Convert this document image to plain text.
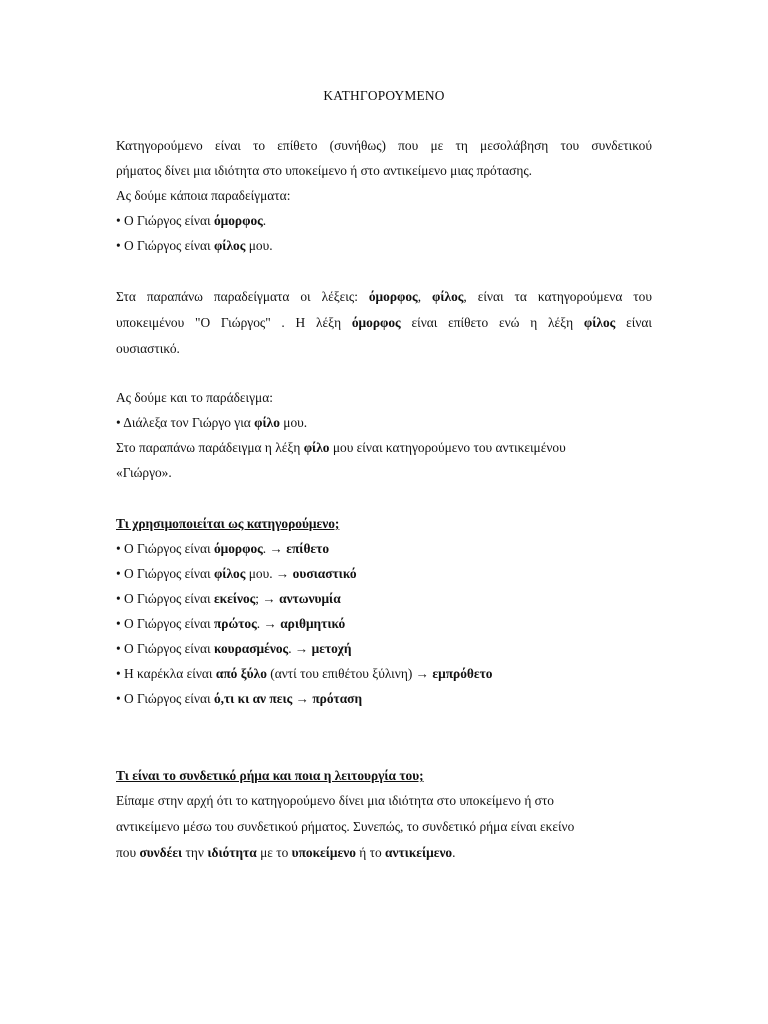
ΚΑΤΗΓΟΡΟΥΜΕΝΟ
Κατηγορούμενο είναι το επίθετο (συνήθως) που με τη μεσολάβηση του συνδετικού
ρήματος δίνει μια ιδιότητα στο υποκείμενο ή στο αντικείμενο μιας πρότασης.
Ας δούμε κάποια παραδείγματα:
• Ο Γιώργος είναι όμορφος.
• Ο Γιώργος είναι φίλος μου.
Στα παραπάνω παραδείγματα οι λέξεις: όμορφος, φίλος, είναι τα κατηγορούμενα του
υποκειμένου "Ο Γιώργος" . Η λέξη όμορφος είναι επίθετο ενώ η λέξη φίλος είναι
ουσιαστικό.
Ας δούμε και το παράδειγμα:
• Διάλεξα τον Γιώργο για φίλο μου.
Στο παραπάνω παράδειγμα η λέξη φίλο μου είναι κατηγορούμενο του αντικειμένου
«Γιώργο».
Τι χρησιμοποιείται ως κατηγορούμενο;
• Ο Γιώργος είναι όμορφος. → επίθετο
• Ο Γιώργος είναι φίλος μου. → ουσιαστικό
• Ο Γιώργος είναι εκείνος; → αντωνυμία
• Ο Γιώργος είναι πρώτος. → αριθμητικό
• Ο Γιώργος είναι κουρασμένος. → μετοχή
• Η καρέκλα είναι από ξύλο (αντί του επιθέτου ξύλινη) → εμπρόθετο
• Ο Γιώργος είναι ό,τι κι αν πεις → πρόταση
Τι είναι το συνδετικό ρήμα και ποια η λειτουργία του;
Είπαμε στην αρχή ότι το κατηγορούμενο δίνει μια ιδιότητα στο υποκείμενο ή στο
αντικείμενο μέσω του συνδετικού ρήματος. Συνεπώς, το συνδετικό ρήμα είναι εκείνο
που συνδέει την ιδιότητα με το υποκείμενο ή το αντικείμενο.
